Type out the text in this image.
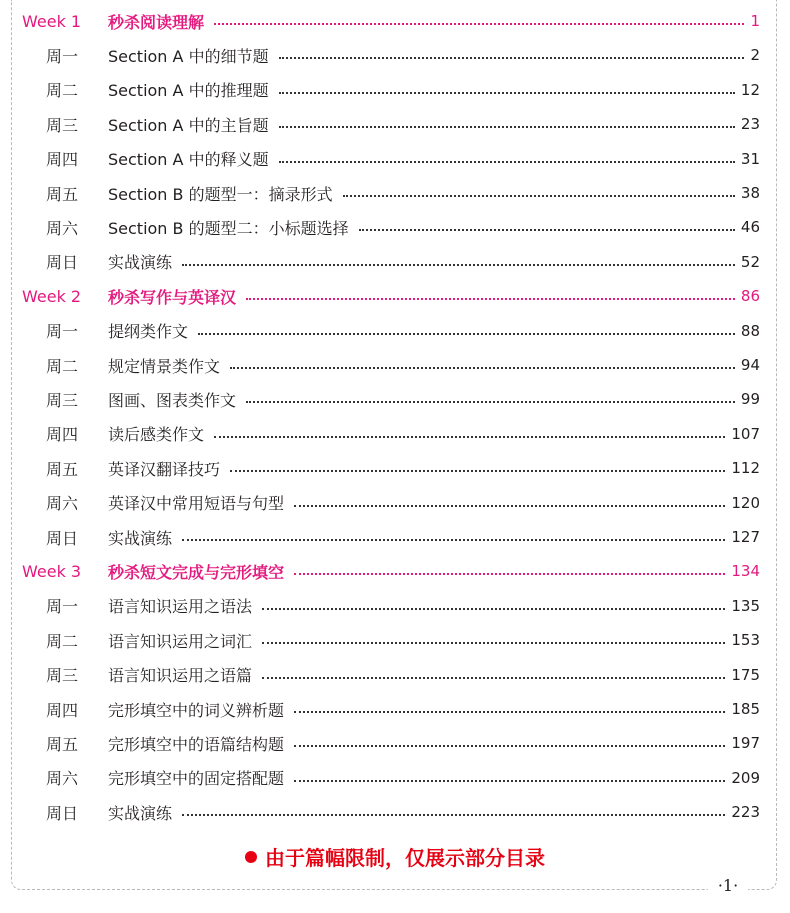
Week 1 秒杀阅读理解	1
周一 Section A 中的细节题	2
周二 Section A 中的推理题	12
周三 Section A 中的主旨题	23
周四 Section A 中的释义题	31
周五 Section B 的题型一：摘录形式	38
周六 Section B 的题型二：小标题选择	46
周日 实战演练	52
Week 2 秒杀写作与英译汉	86
周一 提纲类作文	88
周二 规定情景类作文	94
周三 图画、图表类作文	99
周四 读后感类作文	107
周五 英译汉翻译技巧	112
周六 英译汉中常用短语与句型	120
周日 实战演练	127
Week 3 秒杀短文完成与完形填空	134
周一 语言知识运用之语法	135
周二 语言知识运用之词汇	153
周三 语言知识运用之语篇	175
周四 完形填空中的词义辨析题	185
周五 完形填空中的语篇结构题	197
周六 完形填空中的固定搭配题	209
周日 实战演练	223
由于篇幅限制，仅展示部分目录
·1·
